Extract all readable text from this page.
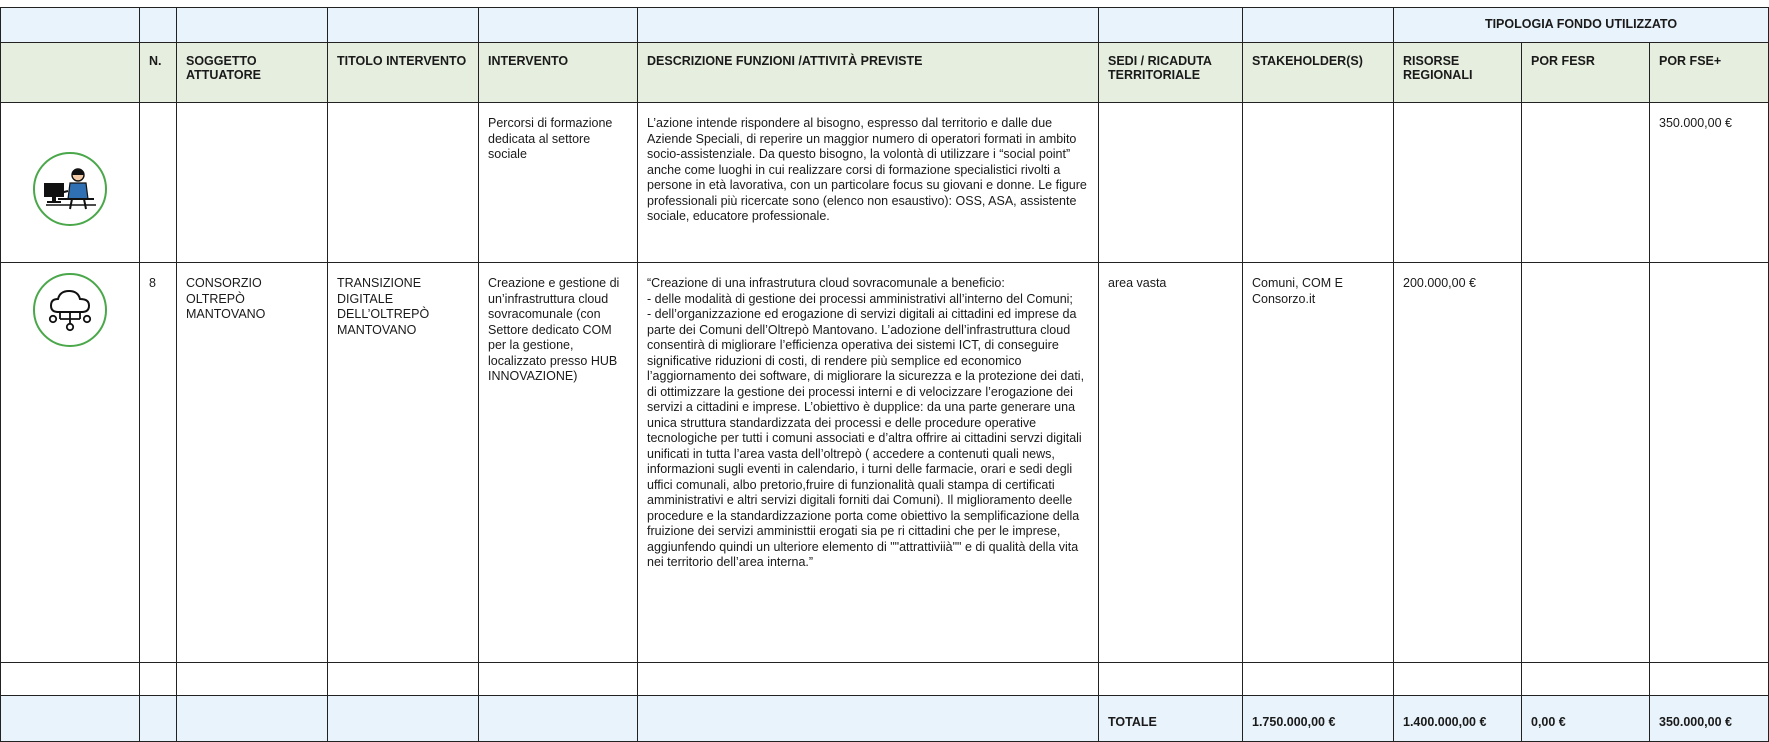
								TIPOLOGIA FONDO UTILIZZATO		
	N.	SOGGETTO ATTUATORE	TITOLO INTERVENTO	INTERVENTO	DESCRIZIONE FUNZIONI /ATTIVITÀ PREVISTE	SEDI / RICADUTA TERRITORIALE	STAKEHOLDER(S)	RISORSE REGIONALI	POR FESR	POR FSE+

				Percorsi di formazione dedicata al settore sociale	L’azione intende rispondere al bisogno, espresso dal territorio e dalle due Aziende Speciali, di reperire un maggior numero di operatori formati in ambito socio-assistenziale. Da questo bisogno, la volontà di utilizzare i “social point” anche come luoghi in cui realizzare corsi di formazione specialistici rivolti a persone in età lavorativa, con un particolare focus su giovani e donne. Le figure professionali più ricercate sono (elenco non esaustivo): OSS, ASA, assistente sociale, educatore professionale.					350.000,00 €

	8	CONSORZIO OLTREPÒ MANTOVANO	TRANSIZIONE DIGITALE DELL’OLTREPÒ MANTOVANO	Creazione e gestione di un’infrastruttura cloud sovracomunale (con Settore dedicato COM per la gestione, localizzato presso HUB INNOVAZIONE)	“Creazione di una infrastrutura cloud sovracomunale a beneficio:
- delle modalità di gestione dei processi amministrativi all’interno del Comuni;
- dell’organizzazione ed erogazione di servizi digitali ai cittadini ed imprese da parte dei Comuni dell’Oltrepò Mantovano. L’adozione dell’infrastruttura cloud consentirà di migliorare l’efficienza operativa dei sistemi ICT, di conseguire significative riduzioni di costi, di rendere più semplice ed economico l’aggiornamento dei software, di migliorare la sicurezza e la protezione dei dati, di ottimizzare la gestione dei processi interni e di velocizzare l’erogazione dei servizi a cittadini e imprese. L’obiettivo è dupplice: da una parte generare una unica struttura standardizzata dei processi e delle procedure operative tecnologiche per tutti i comuni associati e d’altra offrire ai cittadini servzi digitali unificati in tutta l’area vasta dell’oltrepò ( accedere a contenuti quali news, informazioni sugli eventi in calendario, i turni delle farmacie, orari e sedi degli uffici comunali, albo pretorio,fruire di funzionalità quali stampa di certificati amministrativi e altri servizi digitali forniti dai Comuni). Il miglioramento deelle procedure e la standardizzazione porta come obiettivo la semplificazione della fruizione dei servizi amministtii erogati sia pe ri cittadini che per le imprese, aggiunfendo quindi un ulteriore elemento di ""attrattiviià"" e di qualità della vita nei territorio dell’area interna.”	area vasta	Comuni, COM E Consorzo.it	200.000,00 €		

						TOTALE	1.750.000,00 €	1.400.000,00 €	0,00 €	350.000,00 €
